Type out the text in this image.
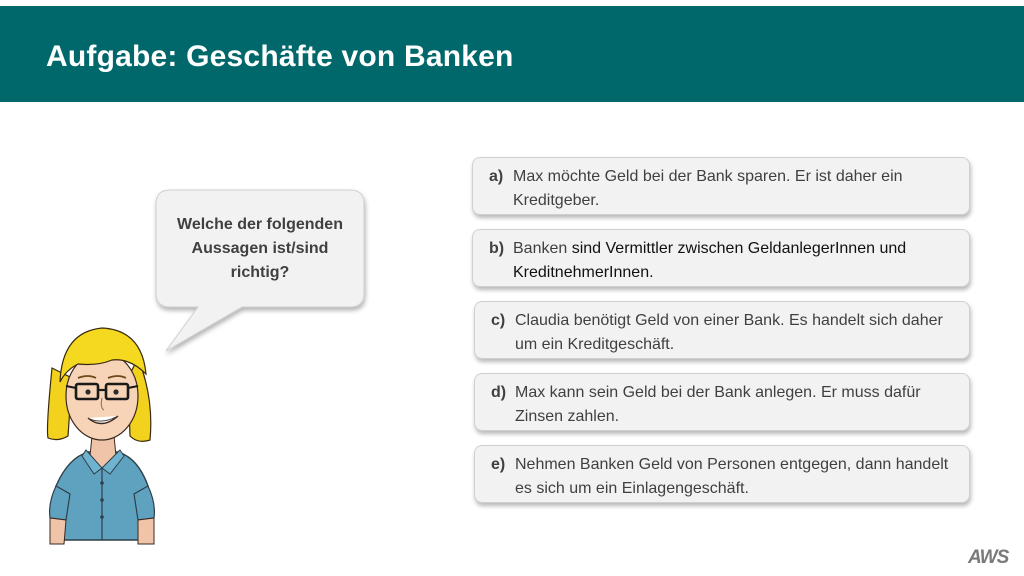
Aufgabe: Geschäfte von Banken
Welche der folgenden Aussagen ist/sind richtig?
a) Max möchte Geld bei der Bank sparen. Er ist daher ein Kreditgeber.
b) Banken sind Vermittler zwischen GeldanlegerInnen und KreditnehmerInnen.
c) Claudia benötigt Geld von einer Bank. Es handelt sich daher um ein Kreditgeschäft.
d) Max kann sein Geld bei der Bank anlegen. Er muss dafür Zinsen zahlen.
e) Nehmen Banken Geld von Personen entgegen, dann handelt es sich um ein Einlagengeschäft.
AWS
